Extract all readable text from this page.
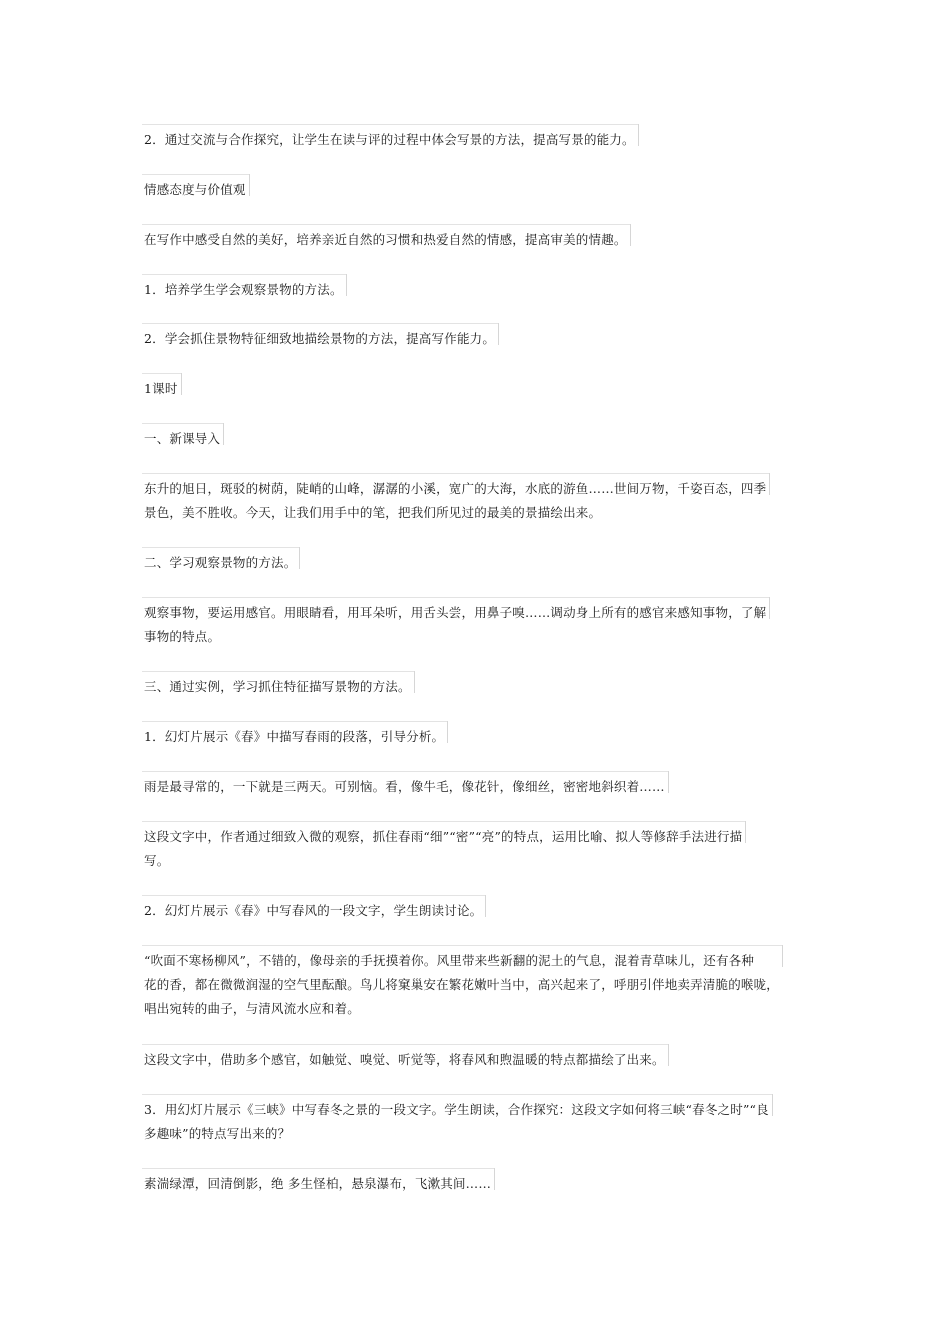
2．通过交流与合作探究，让学生在读与评的过程中体会写景的方法，提高写景的能力。
情感态度与价值观
在写作中感受自然的美好，培养亲近自然的习惯和热爱自然的情感，提高审美的情趣。
1．培养学生学会观察景物的方法。
2．学会抓住景物特征细致地描绘景物的方法，提高写作能力。
1课时
一、新课导入
东升的旭日，斑驳的树荫，陡峭的山峰，潺潺的小溪，宽广的大海，水底的游鱼……世间万物，千姿百态，四季
景色，美不胜收。今天，让我们用手中的笔，把我们所见过的最美的景描绘出来。
二、学习观察景物的方法。
观察事物，要运用感官。用眼睛看，用耳朵听，用舌头尝，用鼻子嗅……调动身上所有的感官来感知事物，了解
事物的特点。
三、通过实例，学习抓住特征描写景物的方法。
1．幻灯片展示《春》中描写春雨的段落，引导分析。
雨是最寻常的，一下就是三两天。可别恼。看，像牛毛，像花针，像细丝，密密地斜织着……
这段文字中，作者通过细致入微的观察，抓住春雨“细”“密”“亮”的特点，运用比喻、拟人等修辞手法进行描
写。
2．幻灯片展示《春》中写春风的一段文字，学生朗读讨论。
“吹面不寒杨柳风”，不错的，像母亲的手抚摸着你。风里带来些新翻的泥土的气息，混着青草味儿，还有各种
花的香，都在微微润湿的空气里酝酿。鸟儿将窠巢安在繁花嫩叶当中，高兴起来了，呼朋引伴地卖弄清脆的喉咙，
唱出宛转的曲子，与清风流水应和着。
这段文字中，借助多个感官，如触觉、嗅觉、听觉等，将春风和煦温暖的特点都描绘了出来。
3．用幻灯片展示《三峡》中写春冬之景的一段文字。学生朗读，合作探究：这段文字如何将三峡“春冬之时”“良
多趣味”的特点写出来的？
素湍绿潭，回清倒影，绝 多生怪柏，悬泉瀑布，飞漱其间……
